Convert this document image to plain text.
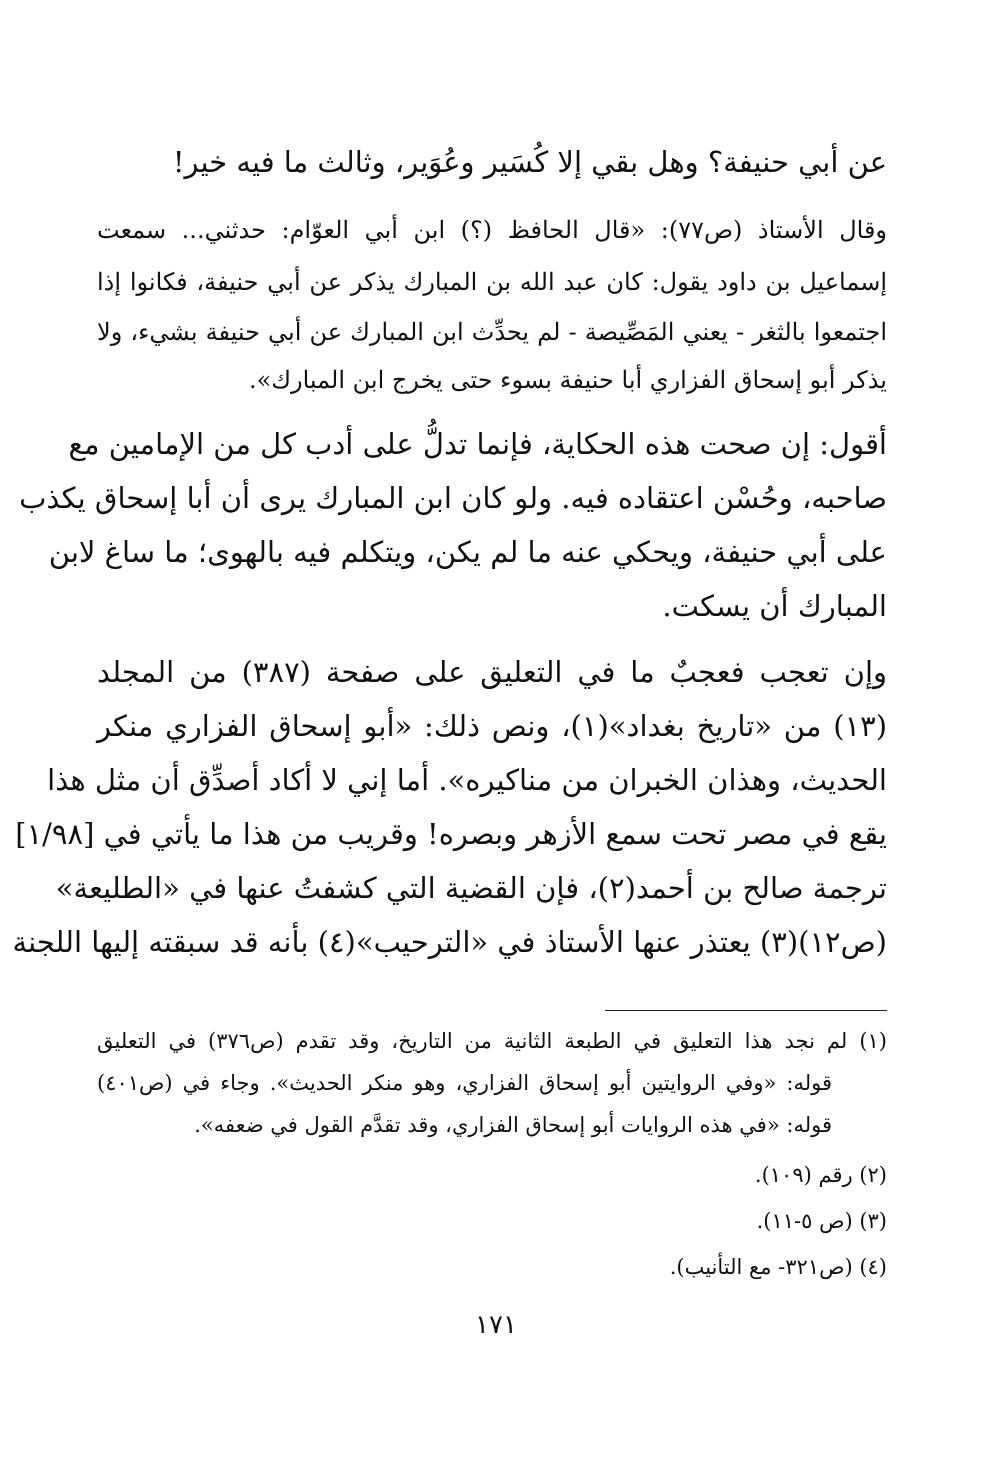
عن أبي حنيفة؟ وهل بقي إلا كُسَير وعُوَير، وثالث ما فيه خير!
وقال الأستاذ (ص٧٧): «قال الحافظ (؟) ابن أبي العوّام: حدثني... سمعت
إسماعيل بن داود يقول: كان عبد الله بن المبارك يذكر عن أبي حنيفة، فكانوا إذا
اجتمعوا بالثغر - يعني المَصِّيصة - لم يحدِّث ابن المبارك عن أبي حنيفة بشيء، ولا
يذكر أبو إسحاق الفزاري أبا حنيفة بسوء حتى يخرج ابن المبارك».
أقول: إن صحت هذه الحكاية، فإنما تدلُّ على أدب كل من الإمامين مع
صاحبه، وحُسْن اعتقاده فيه. ولو كان ابن المبارك يرى أن أبا إسحاق يكذب
على أبي حنيفة، ويحكي عنه ما لم يكن، ويتكلم فيه بالهوى؛ ما ساغ لابن
المبارك أن يسكت.
وإن تعجب فعجبٌ ما في التعليق على صفحة (٣٨٧) من المجلد
(١٣) من «تاريخ بغداد»(١)، ونص ذلك: «أبو إسحاق الفزاري منكر
الحديث، وهذان الخبران من مناكيره». أما إني لا أكاد أصدِّق أن مثل هذا
يقع في مصر تحت سمع الأزهر وبصره! وقريب من هذا ما يأتي في [١/٩٨]
ترجمة صالح بن أحمد(٢)، فإن القضية التي كشفتُ عنها في «الطليعة»
(ص١٢)(٣) يعتذر عنها الأستاذ في «الترحيب»(٤) بأنه قد سبقته إليها اللجنة
(١) لم نجد هذا التعليق في الطبعة الثانية من التاريخ، وقد تقدم (ص٣٧٦) في التعليق
قوله: «وفي الروايتين أبو إسحاق الفزاري، وهو منكر الحديث». وجاء في (ص٤٠١)
قوله: «في هذه الروايات أبو إسحاق الفزاري، وقد تقدَّم القول في ضعفه».
(٢) رقم (١٠٩).
(٣) (ص ٥-١١).
(٤) (ص٣٢١- مع التأنيب).
١٧١
